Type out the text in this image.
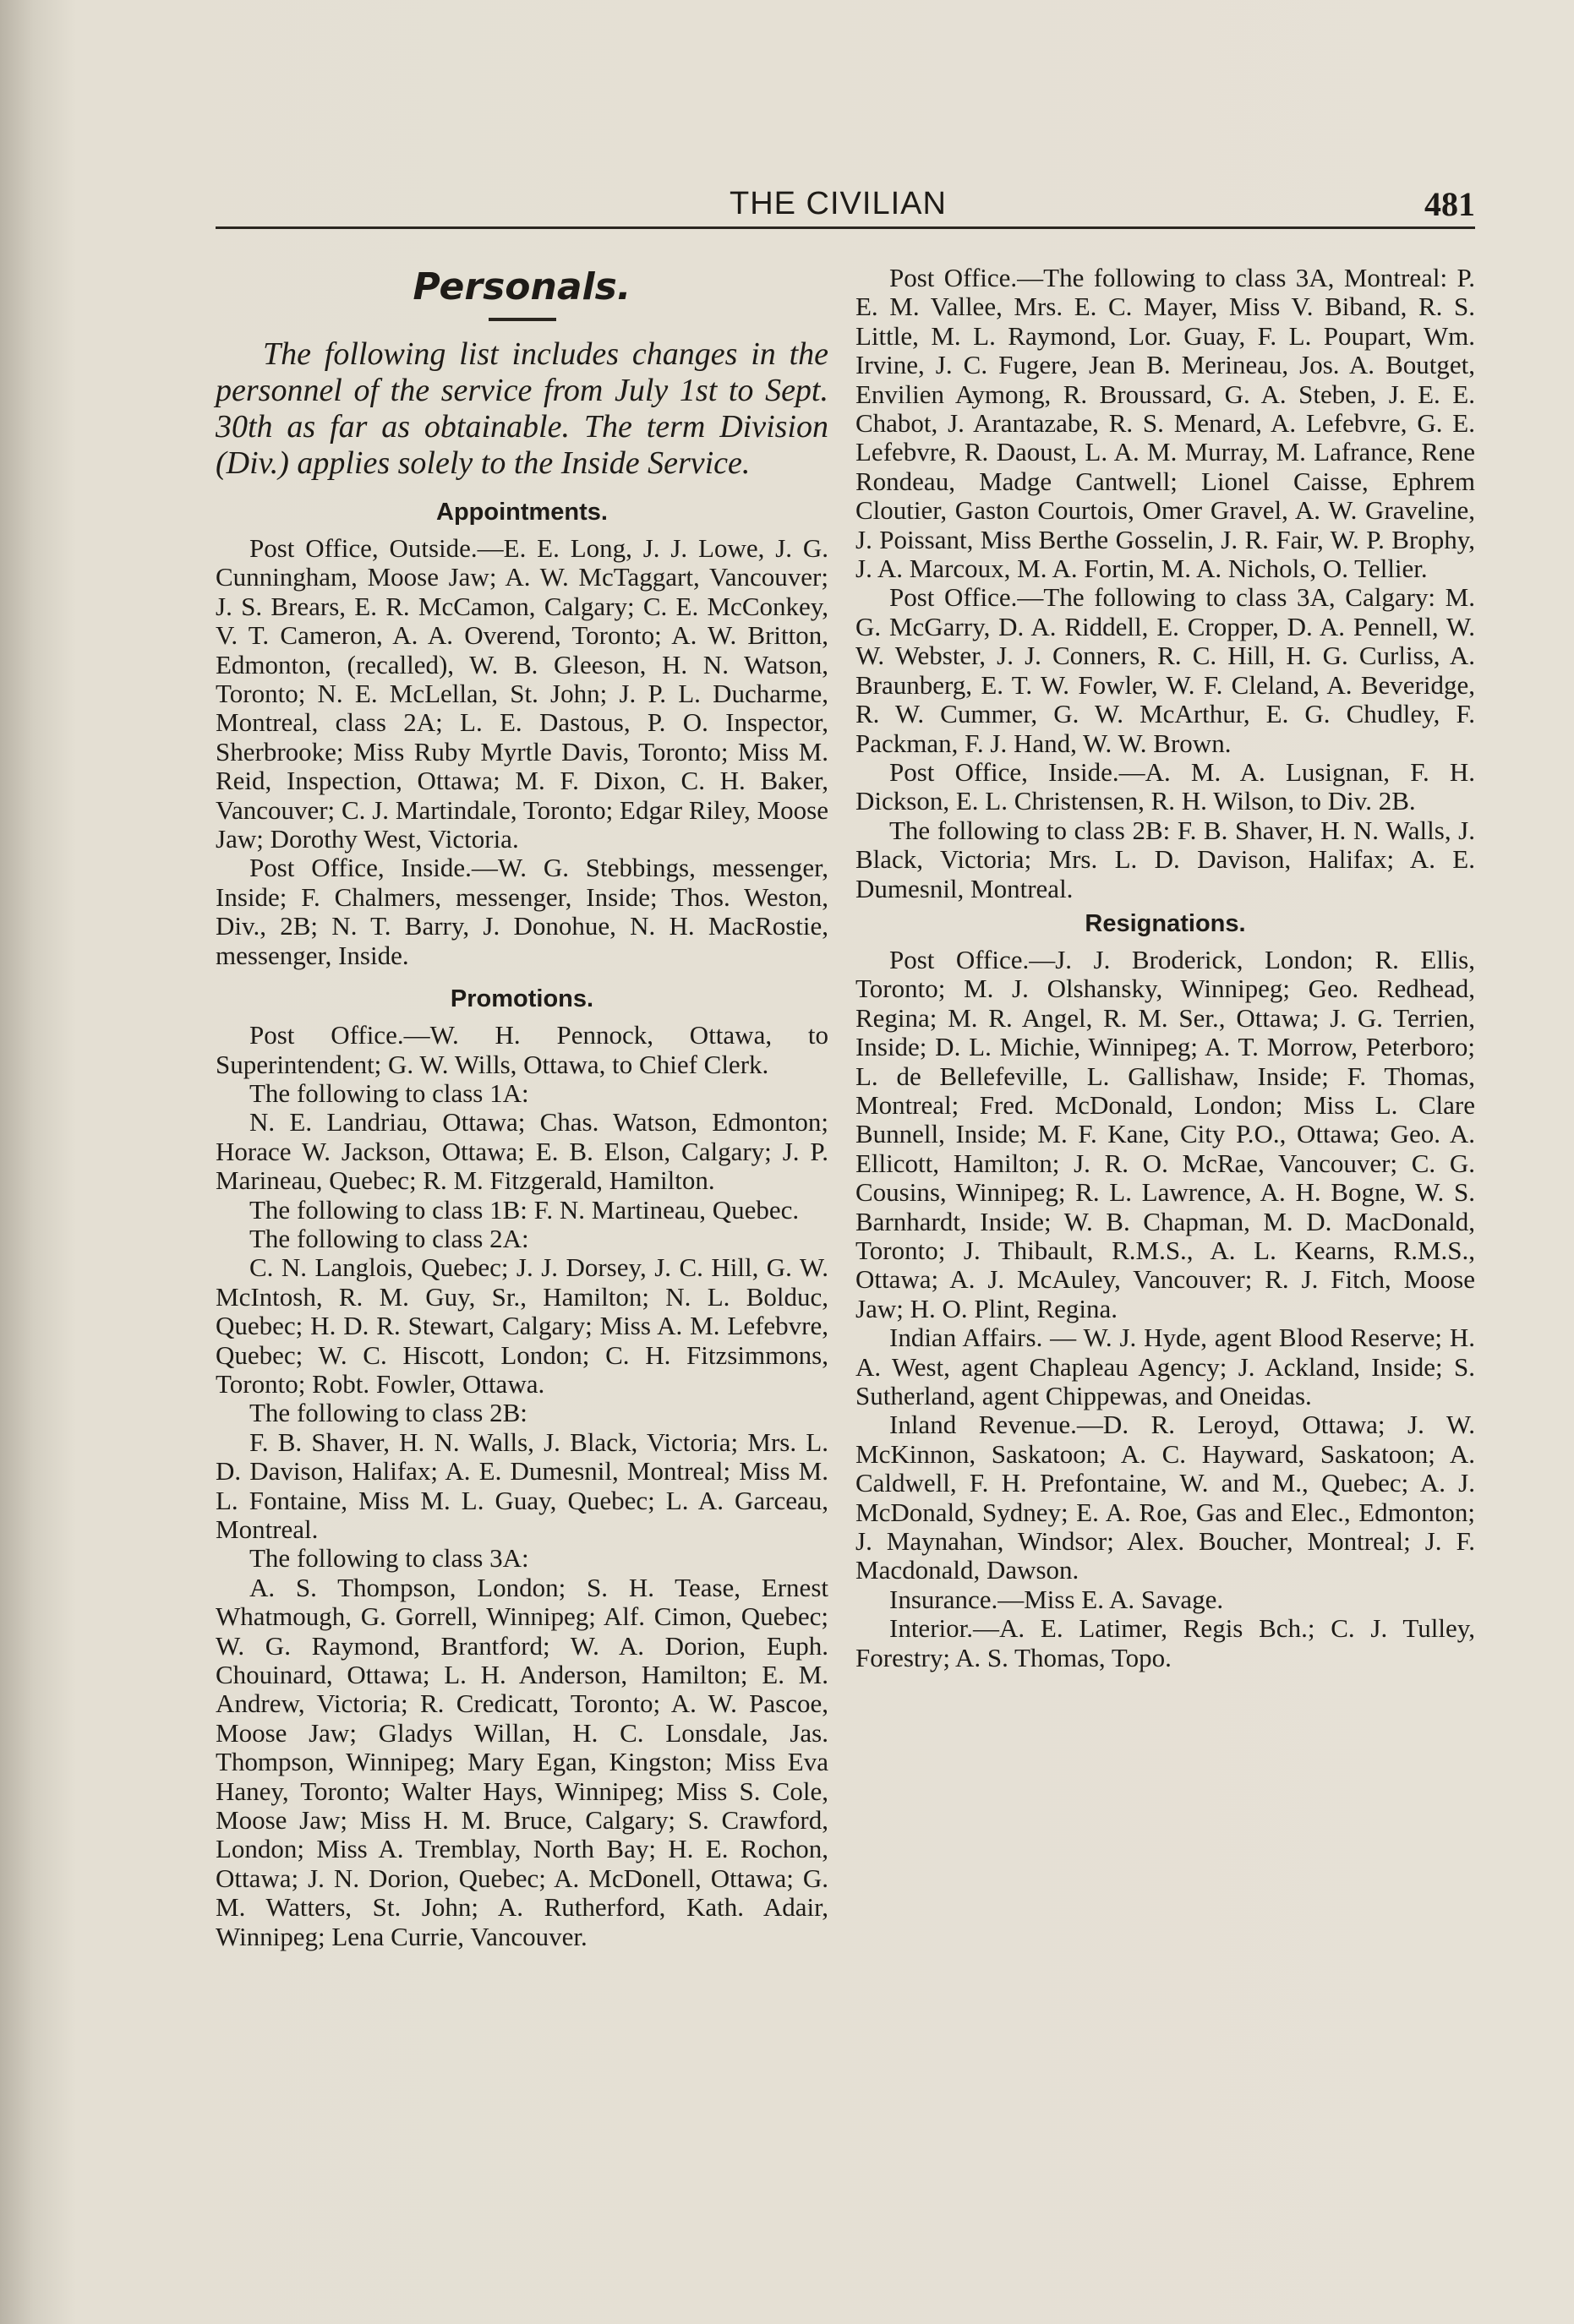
THE CIVILIAN	481
Personals.

The following list includes changes in the personnel of the service from July 1st to Sept. 30th as far as obtainable. The term Division (Div.) applies solely to the Inside Service.

Appointments.

Post Office, Outside.—E. E. Long, J. J. Lowe, J. G. Cunningham, Moose Jaw; A. W. McTaggart, Vancouver; J. S. Brears, E. R. McCamon, Calgary; C. E. McConkey, V. T. Cameron, A. A. Overend, Toronto; A. W. Britton, Edmonton, (recalled), W. B. Gleeson, H. N. Watson, Toronto; N. E. McLellan, St. John; J. P. L. Ducharme, Montreal, class 2A; L. E. Dastous, P. O. Inspector, Sherbrooke; Miss Ruby Myrtle Davis, Toronto; Miss M. Reid, Inspection, Ottawa; M. F. Dixon, C. H. Baker, Vancouver; C. J. Martindale, Toronto; Edgar Riley, Moose Jaw; Dorothy West, Victoria.

Post Office, Inside.—W. G. Stebbings, messenger, Inside; F. Chalmers, messenger, Inside; Thos. Weston, Div., 2B; N. T. Barry, J. Donohue, N. H. MacRostie, messenger, Inside.

Promotions.

Post Office.—W. H. Pennock, Ottawa, to Superintendent; G. W. Wills, Ottawa, to Chief Clerk.

The following to class 1A:

N. E. Landriau, Ottawa; Chas. Watson, Edmonton; Horace W. Jackson, Ottawa; E. B. Elson, Calgary; J. P. Marineau, Quebec; R. M. Fitzgerald, Hamilton.

The following to class 1B: F. N. Martineau, Quebec.

The following to class 2A:

C. N. Langlois, Quebec; J. J. Dorsey, J. C. Hill, G. W. McIntosh, R. M. Guy, Sr., Hamilton; N. L. Bolduc, Quebec; H. D. R. Stewart, Calgary; Miss A. M. Lefebvre, Quebec; W. C. Hiscott, London; C. H. Fitzsimmons, Toronto; Robt. Fowler, Ottawa.

The following to class 2B:

F. B. Shaver, H. N. Walls, J. Black, Victoria; Mrs. L. D. Davison, Halifax; A. E. Dumesnil, Montreal; Miss M. L. Fontaine, Miss M. L. Guay, Quebec; L. A. Garceau, Montreal.

The following to class 3A:

A. S. Thompson, London; S. H. Tease, Ernest Whatmough, G. Gorrell, Winnipeg; Alf. Cimon, Quebec; W. G. Raymond, Brantford; W. A. Dorion, Euph. Chouinard, Ottawa; L. H. Anderson, Hamilton; E. M. Andrew, Victoria; R. Credicatt, Toronto; A. W. Pascoe, Moose Jaw; Gladys Willan, H. C. Lonsdale, Jas. Thompson, Winnipeg; Mary Egan, Kingston; Miss Eva Haney, Toronto; Walter Hays, Winnipeg; Miss S. Cole, Moose Jaw; Miss H. M. Bruce, Calgary; S. Crawford, London; Miss A. Tremblay, North Bay; H. E. Rochon, Ottawa; J. N. Dorion, Quebec; A. McDonell, Ottawa; G. M. Watters, St. John; A. Rutherford, Kath. Adair, Winnipeg; Lena Currie, Vancouver.

Post Office.—The following to class 3A, Montreal: P. E. M. Vallee, Mrs. E. C. Mayer, Miss V. Biband, R. S. Little, M. L. Raymond, Lor. Guay, F. L. Poupart, Wm. Irvine, J. C. Fugere, Jean B. Merineau, Jos. A. Boutget, Envilien Aymong, R. Broussard, G. A. Steben, J. E. E. Chabot, J. Arantazabe, R. S. Menard, A. Lefebvre, G. E. Lefebvre, R. Daoust, L. A. M. Murray, M. Lafrance, Rene Rondeau, Madge Cantwell; Lionel Caisse, Ephrem Cloutier, Gaston Courtois, Omer Gravel, A. W. Graveline, J. Poissant, Miss Berthe Gosselin, J. R. Fair, W. P. Brophy, J. A. Marcoux, M. A. Fortin, M. A. Nichols, O. Tellier.

Post Office.—The following to class 3A, Calgary: M. G. McGarry, D. A. Riddell, E. Cropper, D. A. Pennell, W. W. Webster, J. J. Conners, R. C. Hill, H. G. Curliss, A. Braunberg, E. T. W. Fowler, W. F. Cleland, A. Beveridge, R. W. Cummer, G. W. McArthur, E. G. Chudley, F. Packman, F. J. Hand, W. W. Brown.

Post Office, Inside.—A. M. A. Lusignan, F. H. Dickson, E. L. Christensen, R. H. Wilson, to Div. 2B.

The following to class 2B: F. B. Shaver, H. N. Walls, J. Black, Victoria; Mrs. L. D. Davison, Halifax; A. E. Dumesnil, Montreal.

Resignations.

Post Office.—J. J. Broderick, London; R. Ellis, Toronto; M. J. Olshansky, Winnipeg; Geo. Redhead, Regina; M. R. Angel, R. M. Ser., Ottawa; J. G. Terrien, Inside; D. L. Michie, Winnipeg; A. T. Morrow, Peterboro; L. de Bellefeville, L. Gallishaw, Inside; F. Thomas, Montreal; Fred. McDonald, London; Miss L. Clare Bunnell, Inside; M. F. Kane, City P.O., Ottawa; Geo. A. Ellicott, Hamilton; J. R. O. McRae, Vancouver; C. G. Cousins, Winnipeg; R. L. Lawrence, A. H. Bogne, W. S. Barnhardt, Inside; W. B. Chapman, M. D. MacDonald, Toronto; J. Thibault, R.M.S., A. L. Kearns, R.M.S., Ottawa; A. J. McAuley, Vancouver; R. J. Fitch, Moose Jaw; H. O. Plint, Regina.

Indian Affairs. — W. J. Hyde, agent Blood Reserve; H. A. West, agent Chapleau Agency; J. Ackland, Inside; S. Sutherland, agent Chippewas, and Oneidas.

Inland Revenue.—D. R. Leroyd, Ottawa; J. W. McKinnon, Saskatoon; A. C. Hayward, Saskatoon; A. Caldwell, F. H. Prefontaine, W. and M., Quebec; A. J. McDonald, Sydney; E. A. Roe, Gas and Elec., Edmonton; J. Maynahan, Windsor; Alex. Boucher, Montreal; J. F. Macdonald, Dawson.

Insurance.—Miss E. A. Savage.

Interior.—A. E. Latimer, Regis Bch.; C. J. Tulley, Forestry; A. S. Thomas, Topo.
